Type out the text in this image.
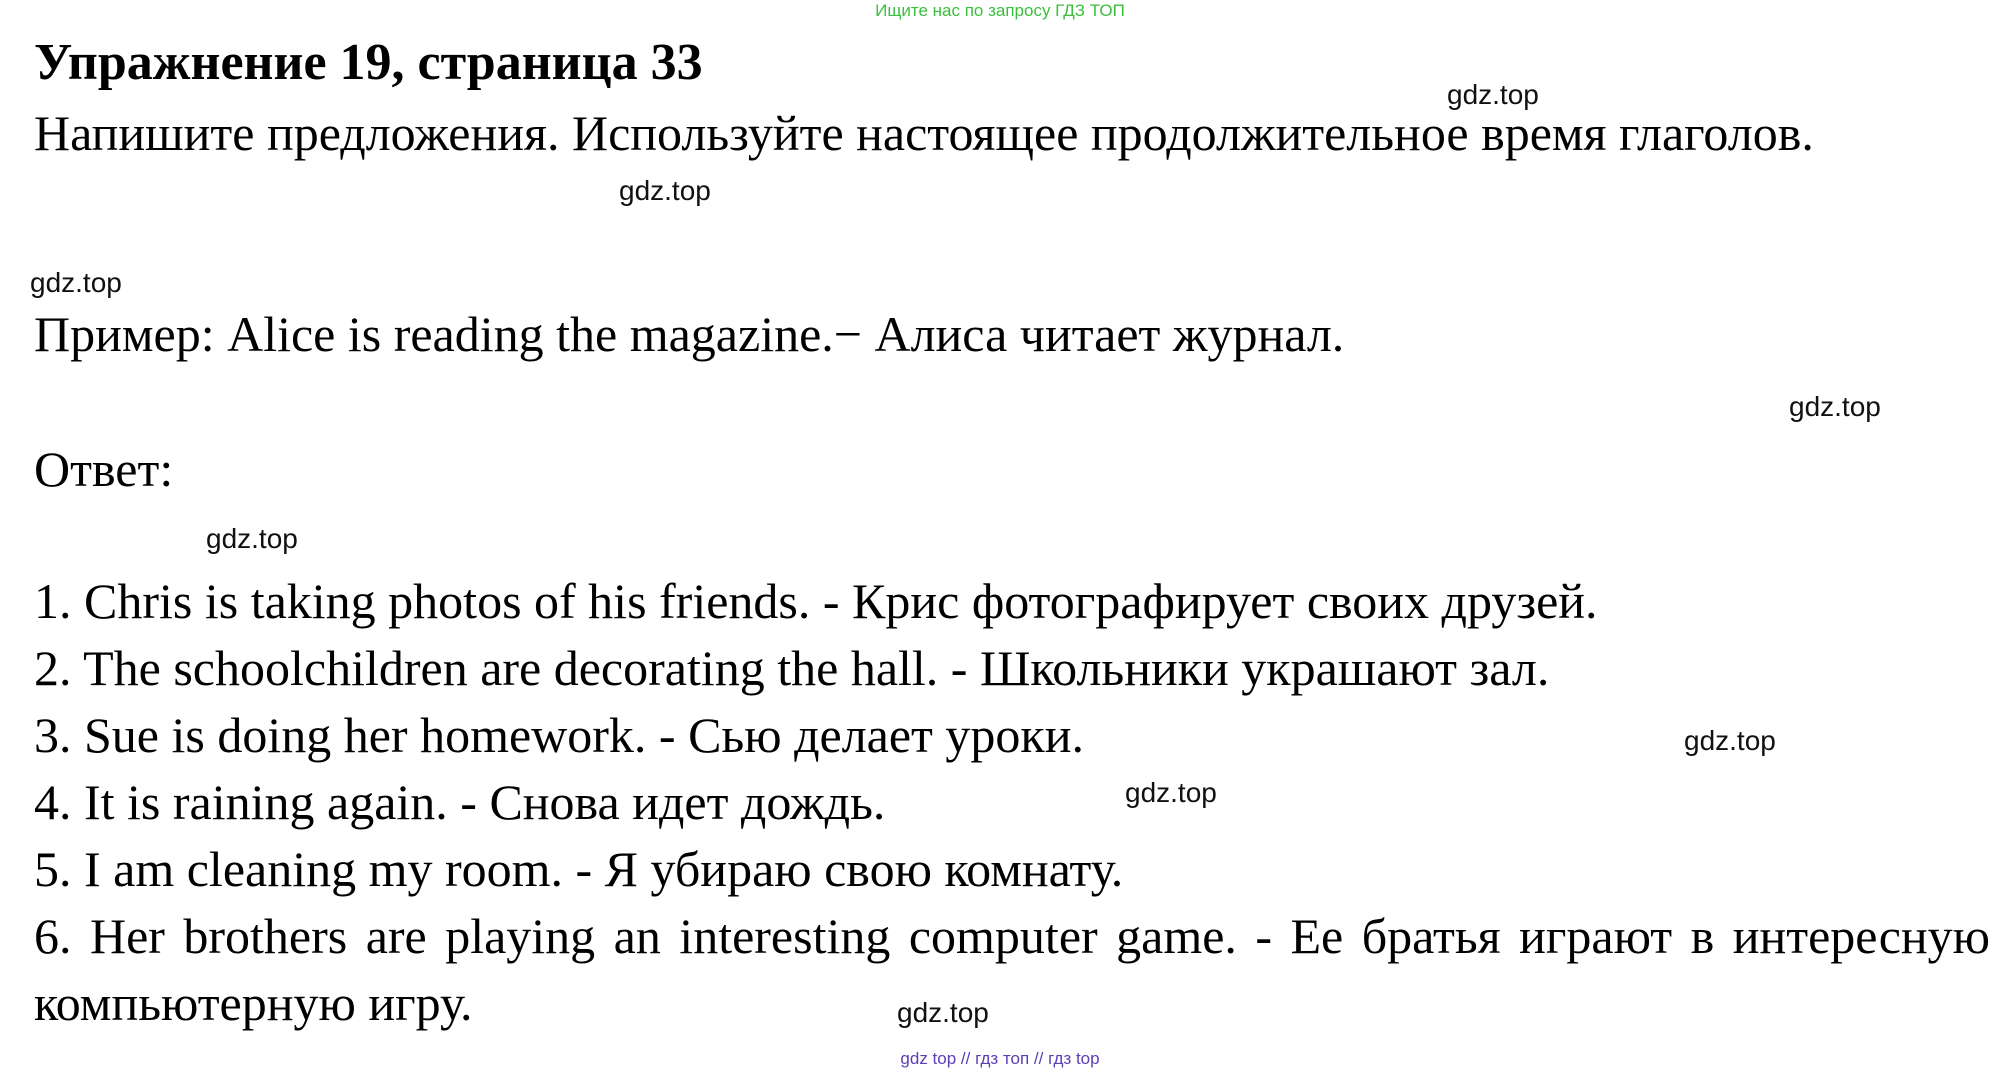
Ищите нас по запросу ГДЗ ТОП
Упражнение 19, страница 33

Напишите предложения. Используйте настоящее продолжительное время глаголов.

Пример: Alice is reading the magazine.− Алиса читает журнал.

Ответ:

1. Chris is taking photos of his friends. - Крис фотографирует своих друзей.
2. The schoolchildren are decorating the hall. - Школьники украшают зал.
3. Sue is doing her homework. - Сью делает уроки.
4. It is raining again. - Снова идет дождь.
5. I am cleaning my room. - Я убираю свою комнату.
6. Her brothers are playing an interesting computer game. - Ее братья играют в интересную компьютерную игру.
gdz.top
gdz.top
gdz.top
gdz.top
gdz.top
gdz.top
gdz.top
gdz.top
gdz top // гдз топ // гдз top
